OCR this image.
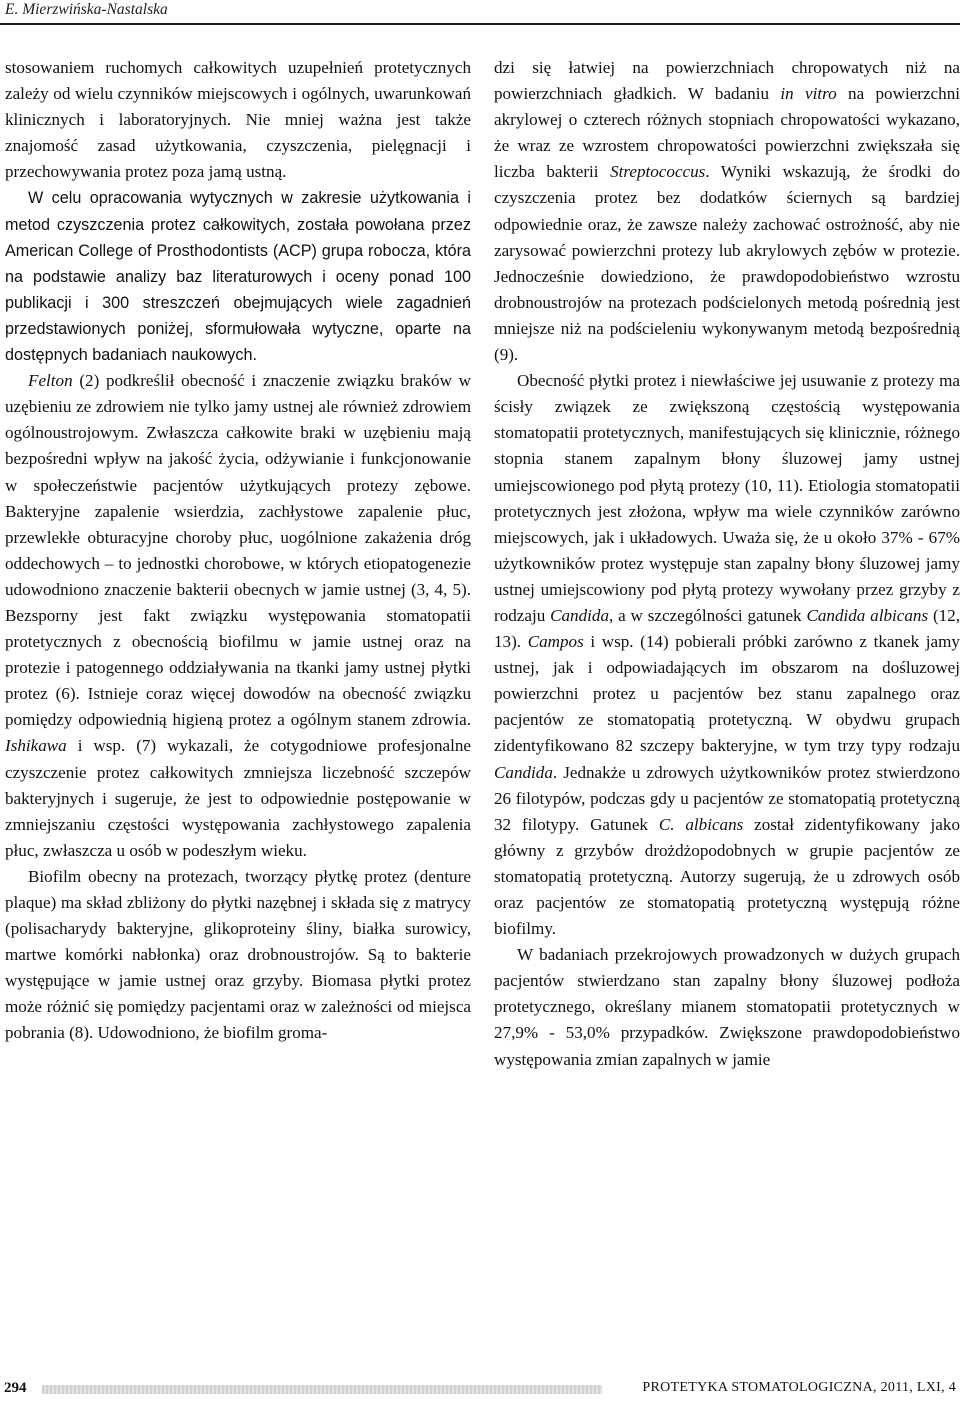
E. Mierzwińska-Nastalska

stosowaniem ruchomych całkowitych uzupełnień protetycznych zależy od wielu czynników miejscowych i ogólnych, uwarunkowań klinicznych i laboratoryjnych. Nie mniej ważna jest także znajomość zasad użytkowania, czyszczenia, pielęgnacji i przechowywania protez poza jamą ustną.

W celu opracowania wytycznych w zakresie użytkowania i metod czyszczenia protez całkowitych, została powołana przez American College of Prosthodontists (ACP) grupa robocza, która na podstawie analizy baz literaturowych i oceny ponad 100 publikacji i 300 streszczeń obejmujących wiele zagadnień przedstawionych poniżej, sformułowała wytyczne, oparte na dostępnych badaniach naukowych.

Felton (2) podkreślił obecność i znaczenie związku braków w uzębieniu ze zdrowiem nie tylko jamy ustnej ale również zdrowiem ogólnoustrojowym. Zwłaszcza całkowite braki w uzębieniu mają bezpośredni wpływ na jakość życia, odżywianie i funkcjonowanie w społeczeństwie pacjentów użytkujących protezy zębowe. Bakteryjne zapalenie wsierdzia, zachłystowe zapalenie płuc, przewlekłe obturacyjne choroby płuc, uogólnione zakażenia dróg oddechowych – to jednostki chorobowe, w których etiopatogenezie udowodniono znaczenie bakterii obecnych w jamie ustnej (3, 4, 5). Bezsporny jest fakt związku występowania stomatopatii protetycznych z obecnością biofilmu w jamie ustnej oraz na protezie i patogennego oddziaływania na tkanki jamy ustnej płytki protez (6). Istnieje coraz więcej dowodów na obecność związku pomiędzy odpowiednią higieną protez a ogólnym stanem zdrowia. Ishikawa i wsp. (7) wykazali, że cotygodniowe profesjonalne czyszczenie protez całkowitych zmniejsza liczebność szczepów bakteryjnych i sugeruje, że jest to odpowiednie postępowanie w zmniejszaniu częstości występowania zachłystowego zapalenia płuc, zwłaszcza u osób w podeszłym wieku.

Biofilm obecny na protezach, tworzący płytkę protez (denture plaque) ma skład zbliżony do płytki nazębnej i składa się z matrycy (polisacharydy bakteryjne, glikoproteiny śliny, białka surowicy, martwe komórki nabłonka) oraz drobnoustrojów. Są to bakterie występujące w jamie ustnej oraz grzyby. Biomasa płytki protez może różnić się pomiędzy pacjentami oraz w zależności od miejsca pobrania (8). Udowodniono, że biofilm groma-

dzi się łatwiej na powierzchniach chropowatych niż na powierzchniach gładkich. W badaniu in vitro na powierzchni akrylowej o czterech różnych stopniach chropowatości wykazano, że wraz ze wzrostem chropowatości powierzchni zwiększała się liczba bakterii Streptococcus. Wyniki wskazują, że środki do czyszczenia protez bez dodatków ściernych są bardziej odpowiednie oraz, że zawsze należy zachować ostrożność, aby nie zarysować powierzchni protezy lub akrylowych zębów w protezie. Jednocześnie dowiedziono, że prawdopodobieństwo wzrostu drobnoustrojów na protezach podścielonych metodą pośrednią jest mniejsze niż na podścieleniu wykonywanym metodą bezpośrednią (9).

Obecność płytki protez i niewłaściwe jej usuwanie z protezy ma ścisły związek ze zwiększoną częstością występowania stomatopatii protetycznych, manifestujących się klinicznie, różnego stopnia stanem zapalnym błony śluzowej jamy ustnej umiejscowionego pod płytą protezy (10, 11). Etiologia stomatopatii protetycznych jest złożona, wpływ ma wiele czynników zarówno miejscowych, jak i układowych. Uważa się, że u około 37% - 67% użytkowników protez występuje stan zapalny błony śluzowej jamy ustnej umiejscowiony pod płytą protezy wywołany przez grzyby z rodzaju Candida, a w szczególności gatunek Candida albicans (12, 13). Campos i wsp. (14) pobierali próbki zarówno z tkanek jamy ustnej, jak i odpowiadających im obszarom na dośluzowej powierzchni protez u pacjentów bez stanu zapalnego oraz pacjentów ze stomatopatią protetyczną. W obydwu grupach zidentyfikowano 82 szczepy bakteryjne, w tym trzy typy rodzaju Candida. Jednakże u zdrowych użytkowników protez stwierdzono 26 filotypów, podczas gdy u pacjentów ze stomatopatią protetyczną 32 filotypy. Gatunek C. albicans został zidentyfikowany jako główny z grzybów drożdżopodobnych w grupie pacjentów ze stomatopatią protetyczną. Autorzy sugerują, że u zdrowych osób oraz pacjentów ze stomatopatią protetyczną występują różne biofilmy.

W badaniach przekrojowych prowadzonych w dużych grupach pacjentów stwierdzano stan zapalny błony śluzowej podłoża protetycznego, określany mianem stomatopatii protetycznych w 27,9% - 53,0% przypadków. Zwiększone prawdopodobieństwo występowania zmian zapalnych w jamie

294	PROTETYKA STOMATOLOGICZNA, 2011, LXI, 4
